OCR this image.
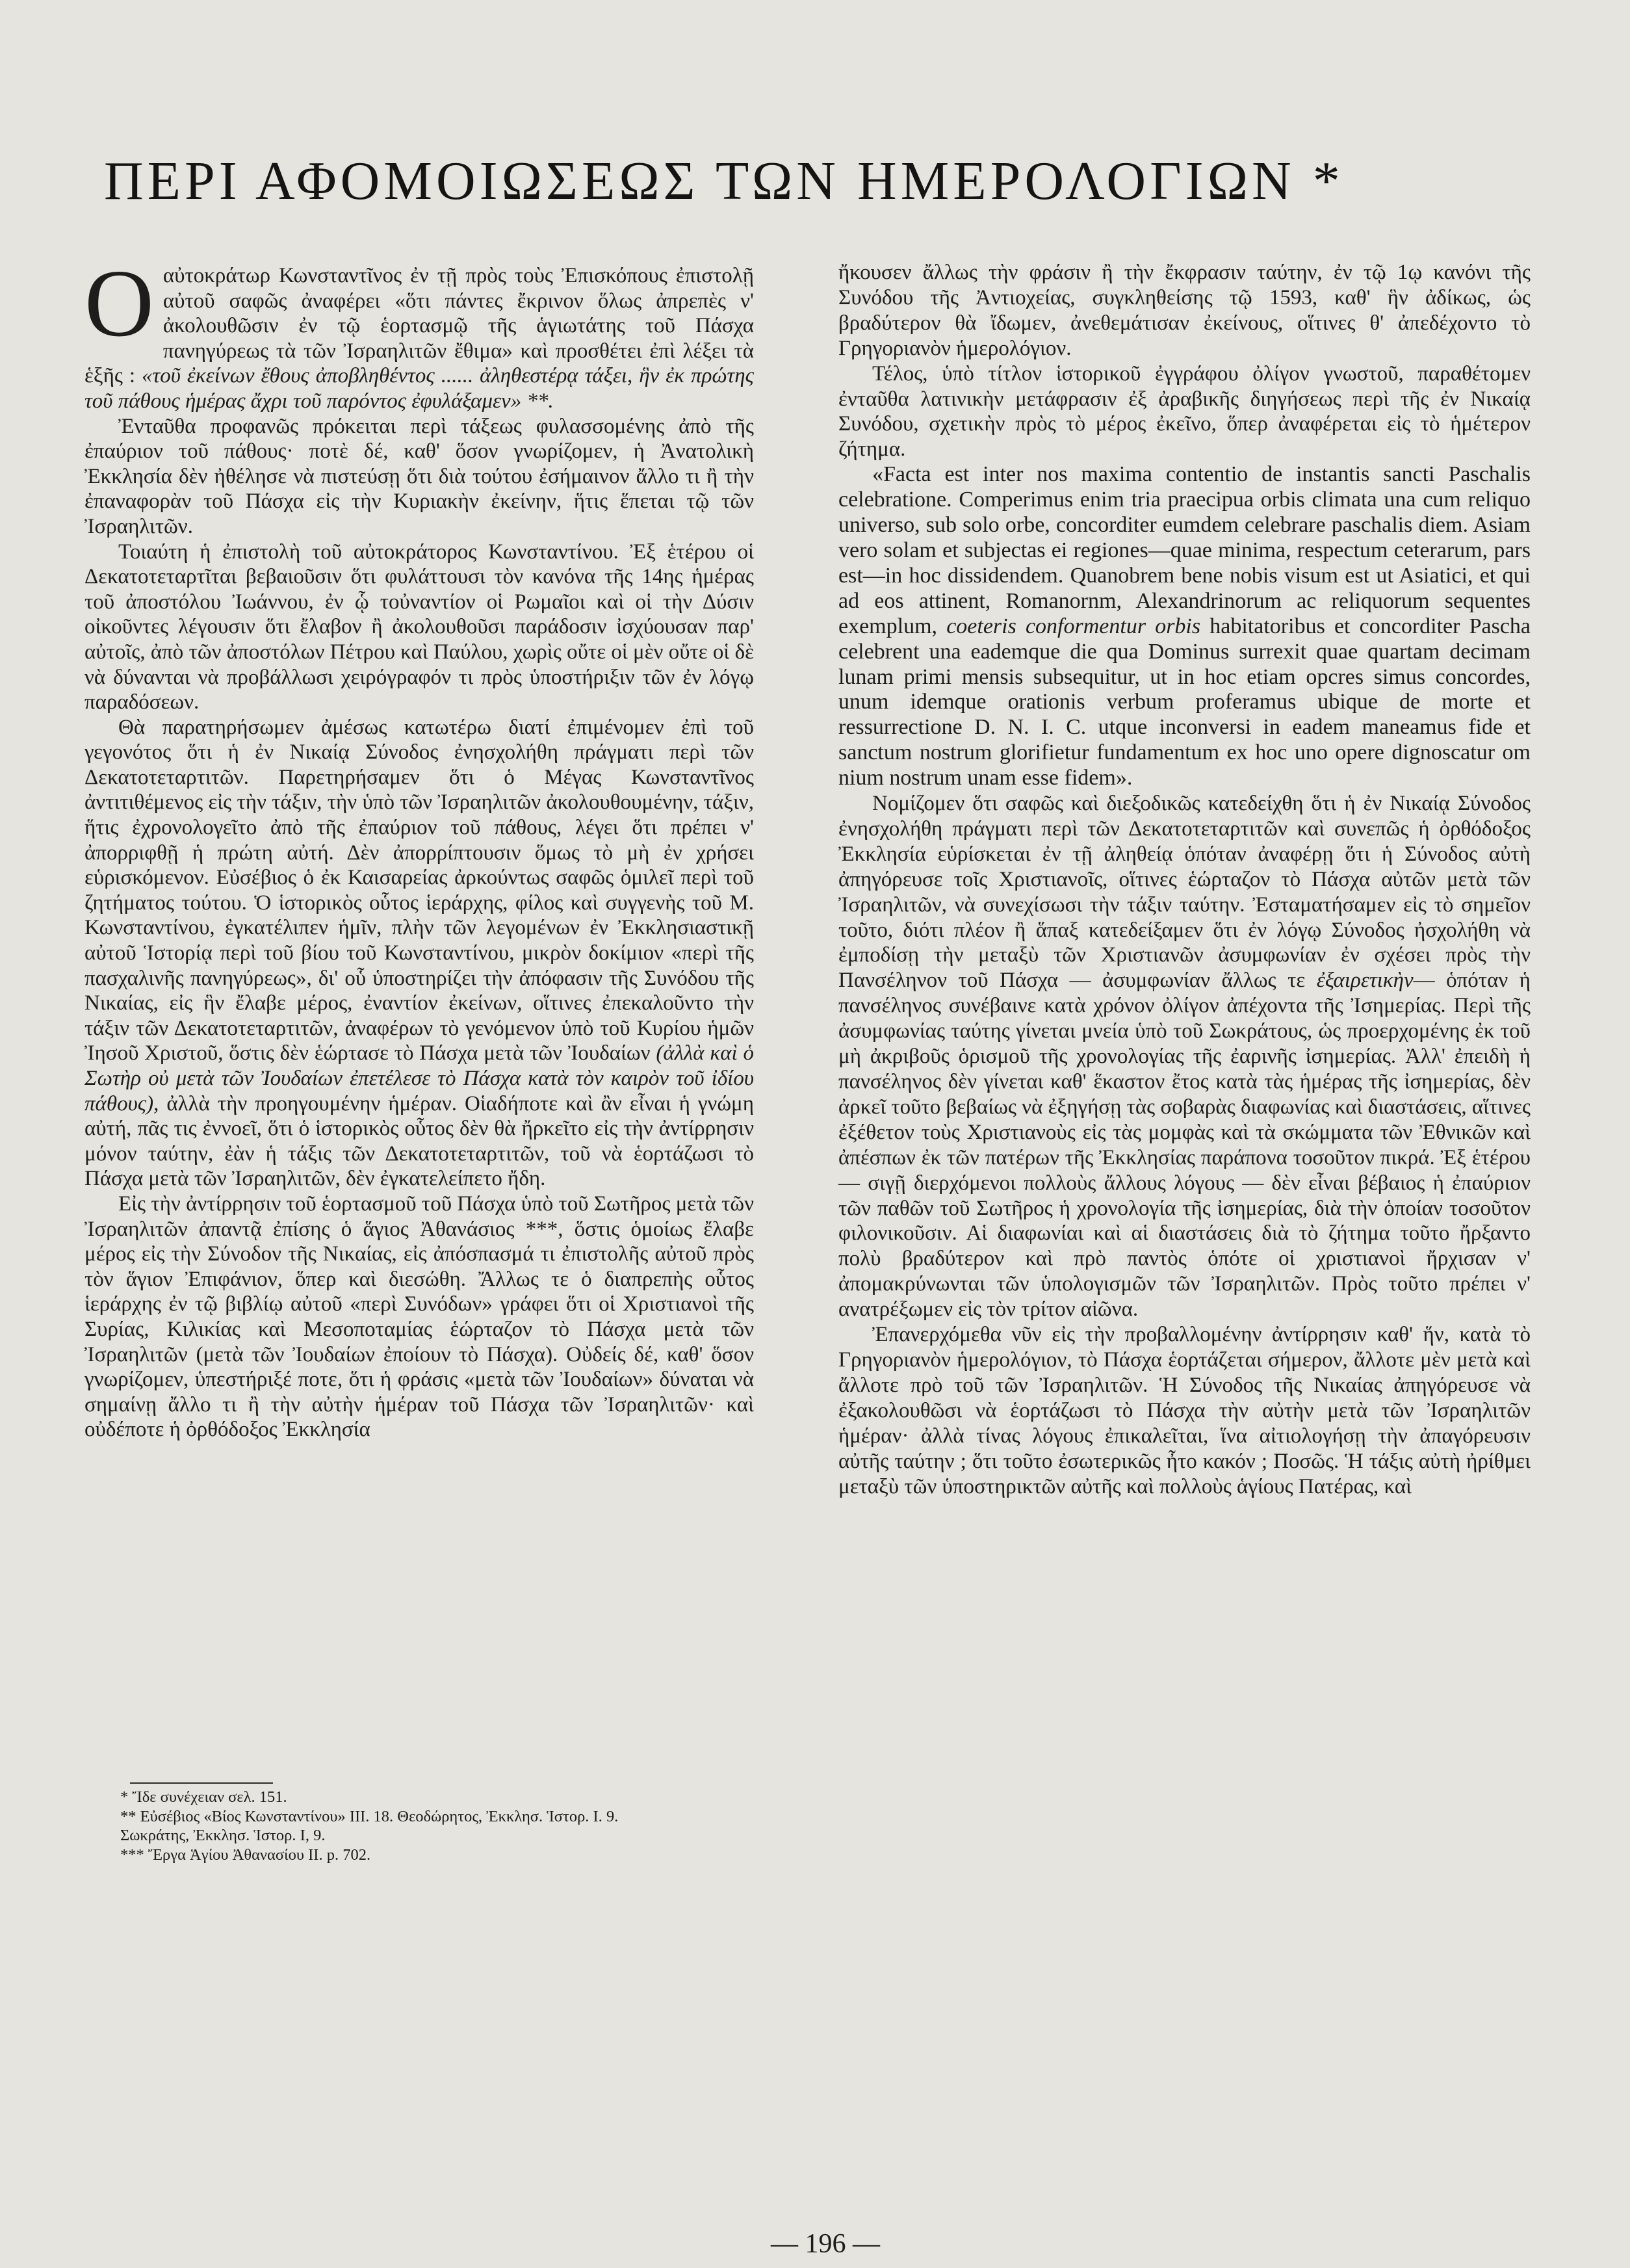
ΠΕΡΙ ΑΦΟΜΟΙΩΣΕΩΣ ΤΩΝ ΗΜΕΡΟΛΟΓΙΩΝ *

Οαὐτοκράτωρ Κωνσταντῖνος ἐν τῇ πρὸς τοὺς Ἐπισκόπους ἐπιστολῇ αὐτοῦ σαφῶς ἀναφέρει «ὅτι πάντες ἔκρινον ὅλως ἀπρεπὲς ν' ἀκολουθῶσιν ἐν τῷ ἑορτασμῷ τῆς ἁγιωτάτης τοῦ Πάσχα πανηγύρεως τὰ τῶν Ἰσραηλιτῶν ἔθιμα» καὶ προσθέτει ἐπὶ λέξει τὰ ἑξῆς : «τοῦ ἐκείνων ἔθους ἀποβληθέντος ...... ἀληθεστέρᾳ τάξει, ἣν ἐκ πρώτης τοῦ πάθους ἡμέρας ἄχρι τοῦ παρόντος ἐφυλάξαμεν» **.

Ἐνταῦθα προφανῶς πρόκειται περὶ τάξεως φυλασσομένης ἀπὸ τῆς ἐπαύριον τοῦ πάθους· ποτὲ δέ, καθ' ὅσον γνωρίζομεν, ἡ Ἀνατολικὴ Ἐκκλησία δὲν ἠθέλησε νὰ πιστεύσῃ ὅτι διὰ τούτου ἐσήμαινον ἄλλο τι ἢ τὴν ἐπαναφορὰν τοῦ Πάσχα εἰς τὴν Κυριακὴν ἐκείνην, ἥτις ἕπεται τῷ τῶν Ἰσραηλιτῶν.

Τοιαύτη ἡ ἐπιστολὴ τοῦ αὐτοκράτορος Κωνσταντίνου. Ἐξ ἑτέρου οἱ Δεκατοτεταρτῖται βεβαιοῦσιν ὅτι φυλάττουσι τὸν κανόνα τῆς 14ης ἡμέρας τοῦ ἀποστόλου Ἰωάννου, ἐν ᾧ τοὐναντίον οἱ Ρωμαῖοι καὶ οἱ τὴν Δύσιν οἰκοῦντες λέγουσιν ὅτι ἔλαβον ἢ ἀκολουθοῦσι παράδοσιν ἰσχύουσαν παρ' αὐτοῖς, ἀπὸ τῶν ἀποστόλων Πέτρου καὶ Παύλου, χωρὶς οὔτε οἱ μὲν οὔτε οἱ δὲ νὰ δύνανται νὰ προβάλλωσι χειρόγραφόν τι πρὸς ὑποστήριξιν τῶν ἐν λόγῳ παραδόσεων.

Θὰ παρατηρήσωμεν ἀμέσως κατωτέρω διατί ἐπιμένομεν ἐπὶ τοῦ γεγονότος ὅτι ἡ ἐν Νικαίᾳ Σύνοδος ἐνησχολήθη πράγματι περὶ τῶν Δεκατοτεταρτιτῶν. Παρετηρήσαμεν ὅτι ὁ Μέγας Κωνσταντῖνος ἀντιτιθέμενος εἰς τὴν τάξιν, τὴν ὑπὸ τῶν Ἰσραηλιτῶν ἀκολουθουμένην, τάξιν, ἥτις ἐχρονολογεῖτο ἀπὸ τῆς ἐπαύριον τοῦ πάθους, λέγει ὅτι πρέπει ν' ἀπορριφθῇ ἡ πρώτη αὐτή. Δὲν ἀπορρίπτουσιν ὅμως τὸ μὴ ἐν χρήσει εὑρισκόμενον. Εὐσέβιος ὁ ἐκ Καισαρείας ἀρκούντως σαφῶς ὁμιλεῖ περὶ τοῦ ζητήματος τούτου. Ὁ ἱστορικὸς οὗτος ἱεράρχης, φίλος καὶ συγγενὴς τοῦ Μ. Κωνσταντίνου, ἐγκατέλιπεν ἡμῖν, πλὴν τῶν λεγομένων ἐν Ἐκκλησιαστικῇ αὐτοῦ Ἱστορίᾳ περὶ τοῦ βίου τοῦ Κωνσταντίνου, μικρὸν δοκίμιον «περὶ τῆς πασχαλινῆς πανηγύρεως», δι' οὗ ὑποστηρίζει τὴν ἀπόφασιν τῆς Συνόδου τῆς Νικαίας, εἰς ἣν ἔλαβε μέρος, ἐναντίον ἐκείνων, οἵτινες ἐπεκαλοῦντο τὴν τάξιν τῶν Δεκατοτεταρτιτῶν, ἀναφέρων τὸ γενόμενον ὑπὸ τοῦ Κυρίου ἡμῶν Ἰησοῦ Χριστοῦ, ὅστις δὲν ἑώρτασε τὸ Πάσχα μετὰ τῶν Ἰουδαίων (ἀλλὰ καὶ ὁ Σωτὴρ οὐ μετὰ τῶν Ἰουδαίων ἐπετέλεσε τὸ Πάσχα κατὰ τὸν καιρὸν τοῦ ἰδίου πάθους), ἀλλὰ τὴν προηγουμένην ἡμέραν. Οἱαδήποτε καὶ ἂν εἶναι ἡ γνώμη αὐτή, πᾶς τις ἐννοεῖ, ὅτι ὁ ἱστορικὸς οὗτος δὲν θὰ ἤρκεῖτο εἰς τὴν ἀντίρρησιν μόνον ταύτην, ἐὰν ἡ τάξις τῶν Δεκατοτεταρτιτῶν, τοῦ νὰ ἑορτάζωσι τὸ Πάσχα μετὰ τῶν Ἰσραηλιτῶν, δὲν ἐγκατελείπετο ἤδη.

Εἰς τὴν ἀντίρρησιν τοῦ ἑορτασμοῦ τοῦ Πάσχα ὑπὸ τοῦ Σωτῆρος μετὰ τῶν Ἰσραηλιτῶν ἀπαντᾷ ἐπίσης ὁ ἅγιος Ἀθανάσιος ***, ὅστις ὁμοίως ἔλαβε μέρος εἰς τὴν Σύνοδον τῆς Νικαίας, εἰς ἀπόσπασμά τι ἐπιστολῆς αὐτοῦ πρὸς τὸν ἅγιον Ἐπιφάνιον, ὅπερ καὶ διεσώθη. Ἄλλως τε ὁ διαπρεπὴς οὗτος ἱεράρχης ἐν τῷ βιβλίῳ αὐτοῦ «περὶ Συνόδων» γράφει ὅτι οἱ Χριστιανοὶ τῆς Συρίας, Κιλικίας καὶ Μεσοποταμίας ἑώρταζον τὸ Πάσχα μετὰ τῶν Ἰσραηλιτῶν (μετὰ τῶν Ἰουδαίων ἐποίουν τὸ Πάσχα). Οὐδείς δέ, καθ' ὅσον γνωρίζομεν, ὑπεστήριξέ ποτε, ὅτι ἡ φράσις «μετὰ τῶν Ἰουδαίων» δύναται νὰ σημαίνῃ ἄλλο τι ἢ τὴν αὐτὴν ἡμέραν τοῦ Πάσχα τῶν Ἰσραηλιτῶν· καὶ οὐδέποτε ἡ ὀρθόδοξος Ἐκκλησία

* Ἴδε συνέχειαν σελ. 151.

** Εὐσέβιος «Βίος Κωνσταντίνου» ΙΙΙ. 18. Θεοδώρητος, Ἐκκλησ. Ἱστορ. Ι. 9. Σωκράτης, Ἐκκλησ. Ἱστορ. Ι, 9.

*** Ἔργα Ἁγίου Ἀθανασίου ΙΙ. p. 702.

ἤκουσεν ἄλλως τὴν φράσιν ἢ τὴν ἔκφρασιν ταύτην, ἐν τῷ 1ῳ κανόνι τῆς Συνόδου τῆς Ἀντιοχείας, συγκληθείσης τῷ 1593, καθ' ἣν ἀδίκως, ὡς βραδύτερον θὰ ἴδωμεν, ἀνεθεμάτισαν ἐκείνους, οἵτινες θ' ἀπεδέχοντο τὸ Γρηγοριανὸν ἡμερολόγιον.

Τέλος, ὑπὸ τίτλον ἱστορικοῦ ἐγγράφου ὀλίγον γνωστοῦ, παραθέτομεν ἐνταῦθα λατινικὴν μετάφρασιν ἐξ ἀραβικῆς διηγήσεως περὶ τῆς ἐν Νικαίᾳ Συνόδου, σχετικὴν πρὸς τὸ μέρος ἐκεῖνο, ὅπερ ἀναφέρεται εἰς τὸ ἡμέτερον ζήτημα.

«Facta est inter nos maxima contentio de instantis sancti Paschalis celebratione. Comperimus enim tria praecipua orbis climata una cum reliquo universo, sub solo orbe, concorditer eumdem celebrare paschalis diem. Asiam vero solam et subjectas ei regiones—quae minima, respectum ceterarum, pars est—in hoc dissidendem. Quanobrem bene nobis visum est ut Asiatici, et qui ad eos attinent, Romanornm, Alexandrinorum ac reliquorum sequentes exemplum, coeteris conformentur orbis habitatoribus et concorditer Pascha celebrent una eademque die qua Dominus surrexit quae quartam decimam lunam primi mensis subsequitur, ut in hoc etiam opcres simus concordes, unum idemque orationis verbum proferamus ubique de morte et ressurrectione D. N. I. C. utque inconversi in eadem maneamus fide et sanctum nostrum glorifietur fundamentum ex hoc uno opere dignoscatur om nium nostrum unam esse fidem».

Νομίζομεν ὅτι σαφῶς καὶ διεξοδικῶς κατεδείχθη ὅτι ἡ ἐν Νικαίᾳ Σύνοδος ἐνησχολήθη πράγματι περὶ τῶν Δεκατοτεταρτιτῶν καὶ συνεπῶς ἡ ὀρθόδοξος Ἐκκλησία εὑρίσκεται ἐν τῇ ἀληθείᾳ ὁπόταν ἀναφέρῃ ὅτι ἡ Σύνοδος αὐτὴ ἀπηγόρευσε τοῖς Χριστιανοῖς, οἵτινες ἑώρταζον τὸ Πάσχα αὐτῶν μετὰ τῶν Ἰσραηλιτῶν, νὰ συνεχίσωσι τὴν τάξιν ταύτην. Ἐσταματήσαμεν εἰς τὸ σημεῖον τοῦτο, διότι πλέον ἢ ἅπαξ κατεδείξαμεν ὅτι ἐν λόγῳ Σύνοδος ἠσχολήθη νὰ ἐμποδίσῃ τὴν μεταξὺ τῶν Χριστιανῶν ἀσυμφωνίαν ἐν σχέσει πρὸς τὴν Πανσέληνον τοῦ Πάσχα — ἀσυμφωνίαν ἄλλως τε ἐξαιρετικὴν— ὁπόταν ἡ πανσέληνος συνέβαινε κατὰ χρόνον ὀλίγον ἀπέχοντα τῆς Ἰσημερίας. Περὶ τῆς ἀσυμφωνίας ταύτης γίνεται μνεία ὑπὸ τοῦ Σωκράτους, ὡς προερχομένης ἐκ τοῦ μὴ ἀκριβοῦς ὁρισμοῦ τῆς χρονολογίας τῆς ἐαρινῆς ἰσημερίας. Ἀλλ' ἐπειδὴ ἡ πανσέληνος δὲν γίνεται καθ' ἕκαστον ἔτος κατὰ τὰς ἡμέρας τῆς ἰσημερίας, δὲν ἀρκεῖ τοῦτο βεβαίως νὰ ἐξηγήσῃ τὰς σοβαρὰς διαφωνίας καὶ διαστάσεις, αἵτινες ἐξέθετον τοὺς Χριστιανοὺς εἰς τὰς μομφὰς καὶ τὰ σκώμματα τῶν Ἐθνικῶν καὶ ἀπέσπων ἐκ τῶν πατέρων τῆς Ἐκκλησίας παράπονα τοσοῦτον πικρά. Ἐξ ἑτέρου — σιγῇ διερχόμενοι πολλοὺς ἄλλους λόγους — δὲν εἶναι βέβαιος ἡ ἐπαύριον τῶν παθῶν τοῦ Σωτῆρος ἡ χρονολογία τῆς ἰσημερίας, διὰ τὴν ὁποίαν τοσοῦτον φιλονικοῦσιν. Αἱ διαφωνίαι καὶ αἱ διαστάσεις διὰ τὸ ζήτημα τοῦτο ἤρξαντο πολὺ βραδύτερον καὶ πρὸ παντὸς ὁπότε οἱ χριστιανοὶ ἤρχισαν ν' ἀπομακρύνωνται τῶν ὑπολογισμῶν τῶν Ἰσραηλιτῶν. Πρὸς τοῦτο πρέπει ν' ανατρέξωμεν εἰς τὸν τρίτον αἰῶνα.

Ἐπανερχόμεθα νῦν εἰς τὴν προβαλλομένην ἀντίρρησιν καθ' ἥν, κατὰ τὸ Γρηγοριανὸν ἡμερολόγιον, τὸ Πάσχα ἑορτάζεται σήμερον, ἄλλοτε μὲν μετὰ καὶ ἄλλοτε πρὸ τοῦ τῶν Ἰσραηλιτῶν. Ἡ Σύνοδος τῆς Νικαίας ἀπηγόρευσε νὰ ἐξακολουθῶσι νὰ ἑορτάζωσι τὸ Πάσχα τὴν αὐτὴν μετὰ τῶν Ἰσραηλιτῶν ἡμέραν· ἀλλὰ τίνας λόγους ἐπικαλεῖται, ἵνα αἰτιολογήσῃ τὴν ἀπαγόρευσιν αὐτῆς ταύτην ; ὅτι τοῦτο ἐσωτερικῶς ἦτο κακόν ; Ποσῶς. Ἡ τάξις αὐτὴ ἠρίθμει μεταξὺ τῶν ὑποστηρικτῶν αὐτῆς καὶ πολλοὺς ἁγίους Πατέρας, καὶ

— 196 —
